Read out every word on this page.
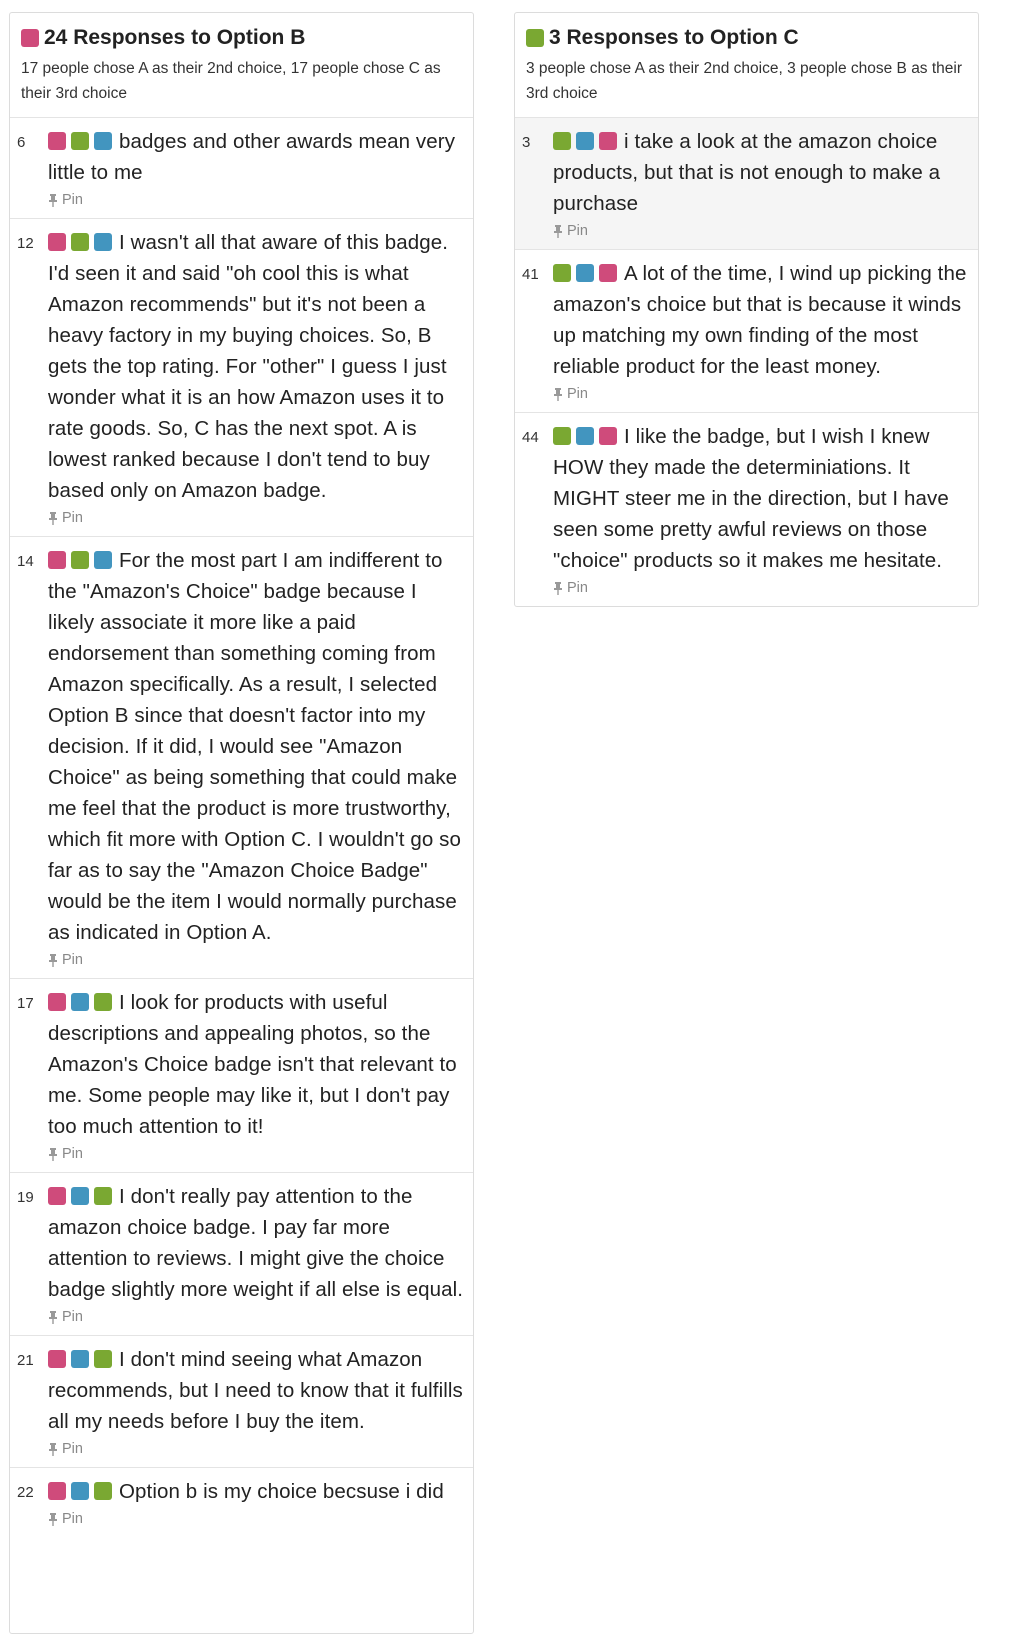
24 Responses to Option B
17 people chose A as their 2nd choice, 17 people chose C as their 3rd choice
6	badges and other awards mean very little to me
Pin
12	I wasn't all that aware of this badge. I'd seen it and said "oh cool this is what Amazon recommends" but it's not been a heavy factory in my buying choices. So, B gets the top rating. For "other" I guess I just wonder what it is an how Amazon uses it to rate goods. So, C has the next spot. A is lowest ranked because I don't tend to buy based only on Amazon badge.
Pin
14	For the most part I am indifferent to the "Amazon's Choice" badge because I likely associate it more like a paid endorsement than something coming from Amazon specifically. As a result, I selected Option B since that doesn't factor into my decision. If it did, I would see "Amazon Choice" as being something that could make me feel that the product is more trustworthy, which fit more with Option C. I wouldn't go so far as to say the "Amazon Choice Badge" would be the item I would normally purchase as indicated in Option A.
Pin
17	I look for products with useful descriptions and appealing photos, so the Amazon's Choice badge isn't that relevant to me. Some people may like it, but I don't pay too much attention to it!
Pin
19	I don't really pay attention to the amazon choice badge. I pay far more attention to reviews. I might give the choice badge slightly more weight if all else is equal.
Pin
21	I don't mind seeing what Amazon recommends, but I need to know that it fulfills all my needs before I buy the item.
Pin
22	Option b is my choice becsuse i did
Pin
3 Responses to Option C
3 people chose A as their 2nd choice, 3 people chose B as their 3rd choice
3	i take a look at the amazon choice products, but that is not enough to make a purchase
Pin
41	A lot of the time, I wind up picking the amazon's choice but that is because it winds up matching my own finding of the most reliable product for the least money.
Pin
44	I like the badge, but I wish I knew HOW they made the determiniations. It MIGHT steer me in the direction, but I have seen some pretty awful reviews on those "choice" products so it makes me hesitate.
Pin
